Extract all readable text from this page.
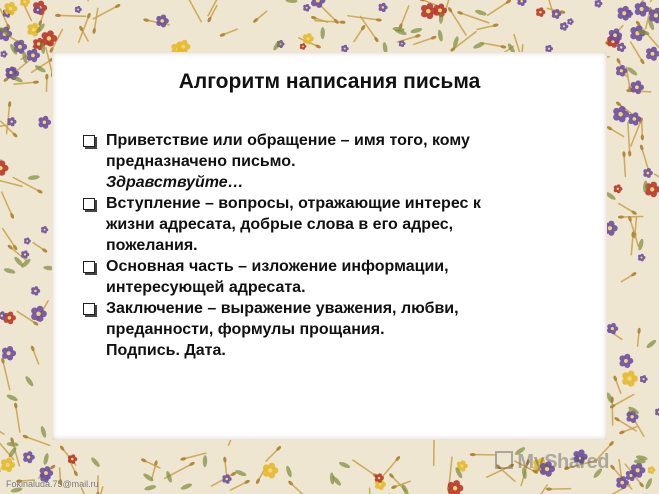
Алгоритм написания письма
Приветствие или обращение – имя того, кому
предназначено письмо.
Здравствуйте…
Вступление – вопросы, отражающие интерес к
жизни адресата, добрые слова в его адрес,
пожелания.
Основная часть – изложение информации,
интересующей адресата.
Заключение – выражение уважения, любви,
преданности, формулы прощания.
Подпись. Дата.

Fokinaluda.75@mail.ru

MyShared
